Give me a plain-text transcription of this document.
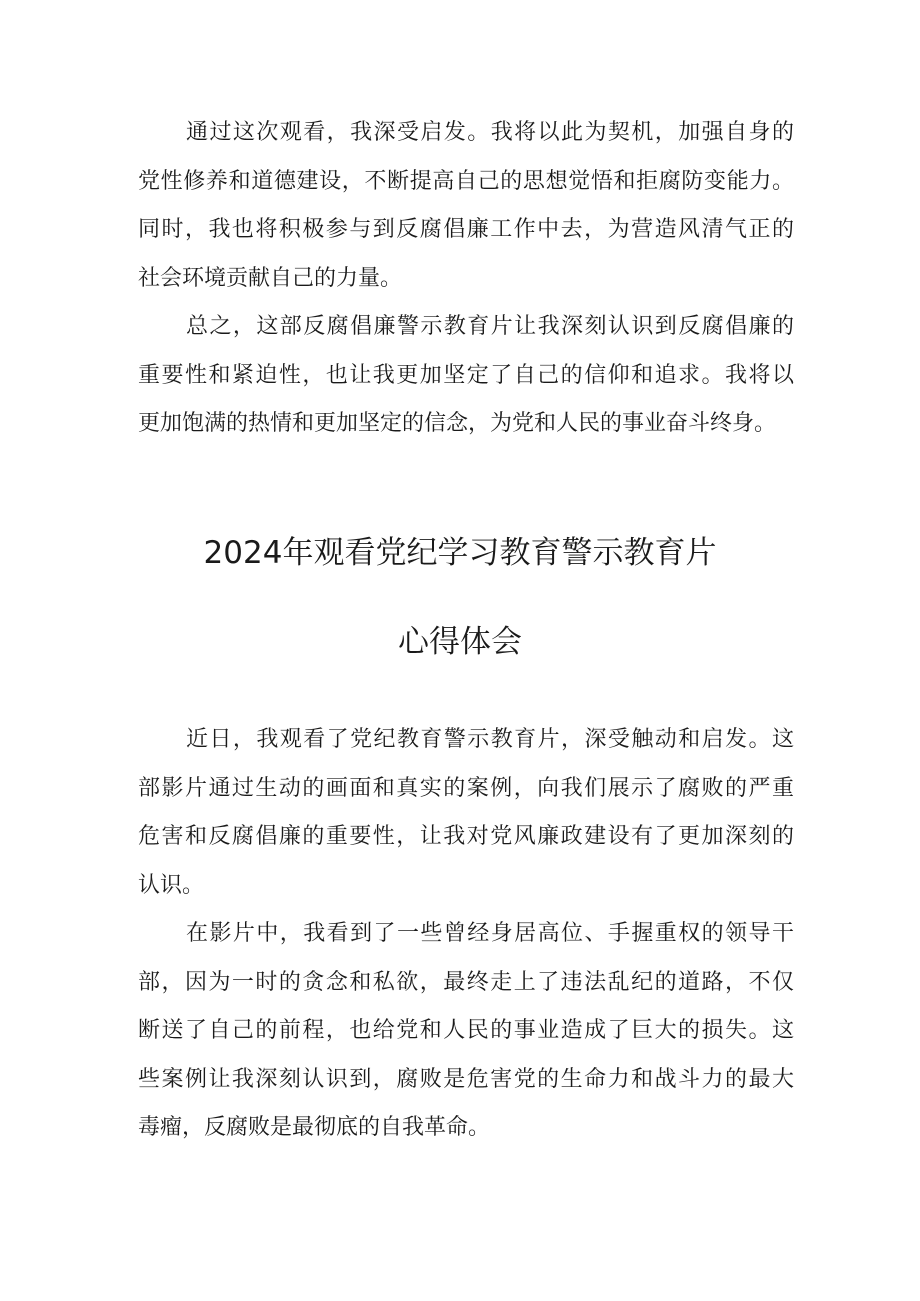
通过这次观看，我深受启发。我将以此为契机，加强自身的
党性修养和道德建设，不断提高自己的思想觉悟和拒腐防变能力。
同时，我也将积极参与到反腐倡廉工作中去，为营造风清气正的
社会环境贡献自己的力量。
总之，这部反腐倡廉警示教育片让我深刻认识到反腐倡廉的
重要性和紧迫性，也让我更加坚定了自己的信仰和追求。我将以
更加饱满的热情和更加坚定的信念，为党和人民的事业奋斗终身。
2024年观看党纪学习教育警示教育片
心得体会
近日，我观看了党纪教育警示教育片，深受触动和启发。这
部影片通过生动的画面和真实的案例，向我们展示了腐败的严重
危害和反腐倡廉的重要性，让我对党风廉政建设有了更加深刻的
认识。
在影片中，我看到了一些曾经身居高位、手握重权的领导干
部，因为一时的贪念和私欲，最终走上了违法乱纪的道路，不仅
断送了自己的前程，也给党和人民的事业造成了巨大的损失。这
些案例让我深刻认识到，腐败是危害党的生命力和战斗力的最大
毒瘤，反腐败是最彻底的自我革命。
